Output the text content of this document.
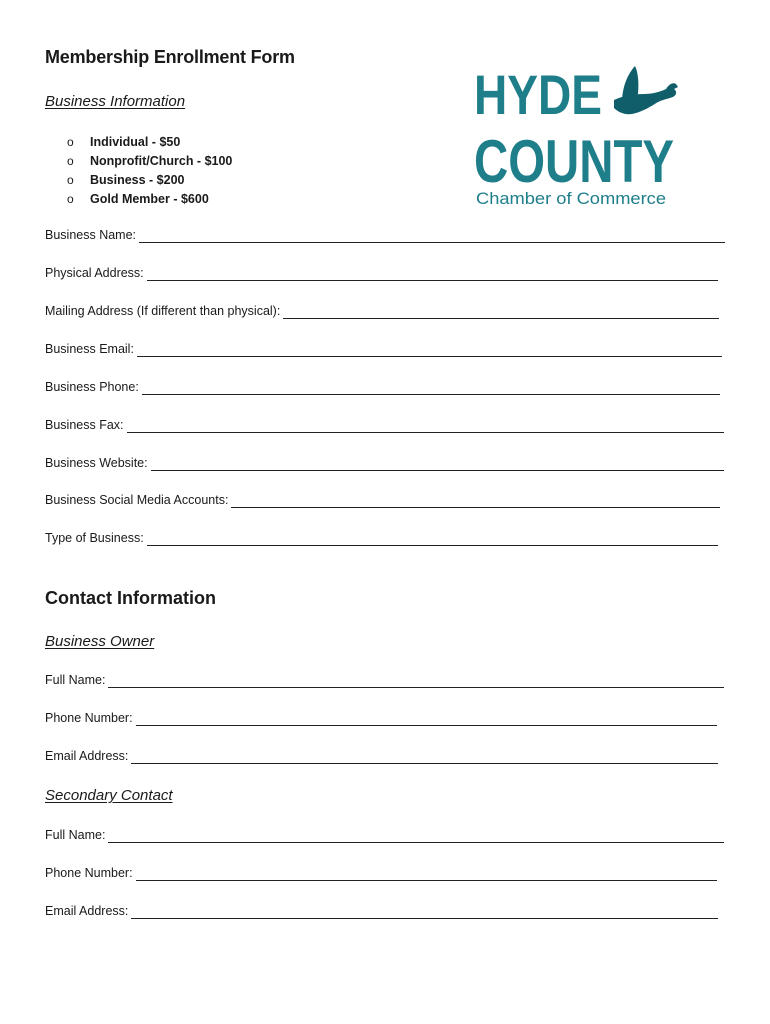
Membership Enrollment Form
Business Information
o	Individual - $50
o	Nonprofit/Church - $100
o	Business - $200
o	Gold Member - $600
HYDE
COUNTY
Chamber of Commerce
Business Name:
Physical Address:
Mailing Address (If different than physical):
Business Email:
Business Phone:
Business Fax:
Business Website:
Business Social Media Accounts:
Type of Business:
Contact Information
Business Owner
Full Name:
Phone Number:
Email Address:
Secondary Contact
Full Name:
Phone Number:
Email Address:
